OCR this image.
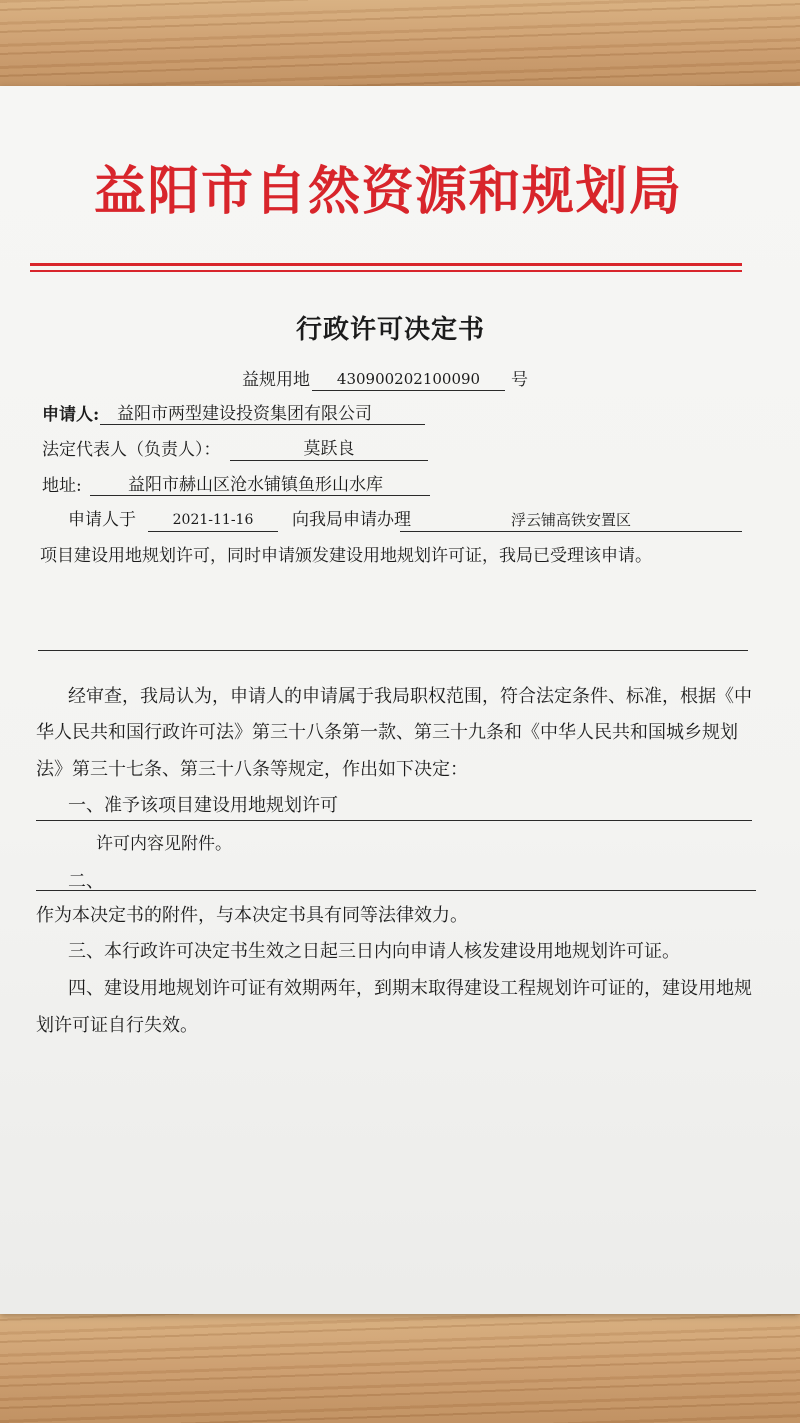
益阳市自然资源和规划局
行政许可决定书
益规用地	430900202100090	号
申请人:	益阳市两型建设投资集团有限公司
法定代表人（负责人）：	莫跃良
地址:	益阳市赫山区沧水铺镇鱼形山水库
申请人于	2021-11-16	向我局申请办理	浮云铺高铁安置区
项目建设用地规划许可，同时申请颁发建设用地规划许可证，我局已受理该申请。
经审查，我局认为，申请人的申请属于我局职权范围，符合法定条件、标准，根据《中
华人民共和国行政许可法》第三十八条第一款、第三十九条和《中华人民共和国城乡规划
法》第三十七条、第三十八条等规定，作出如下决定：
一、准予该项目建设用地规划许可
许可内容见附件。
二、
作为本决定书的附件，与本决定书具有同等法律效力。
三、本行政许可决定书生效之日起三日内向申请人核发建设用地规划许可证。
四、建设用地规划许可证有效期两年，到期末取得建设工程规划许可证的，建设用地规
划许可证自行失效。
